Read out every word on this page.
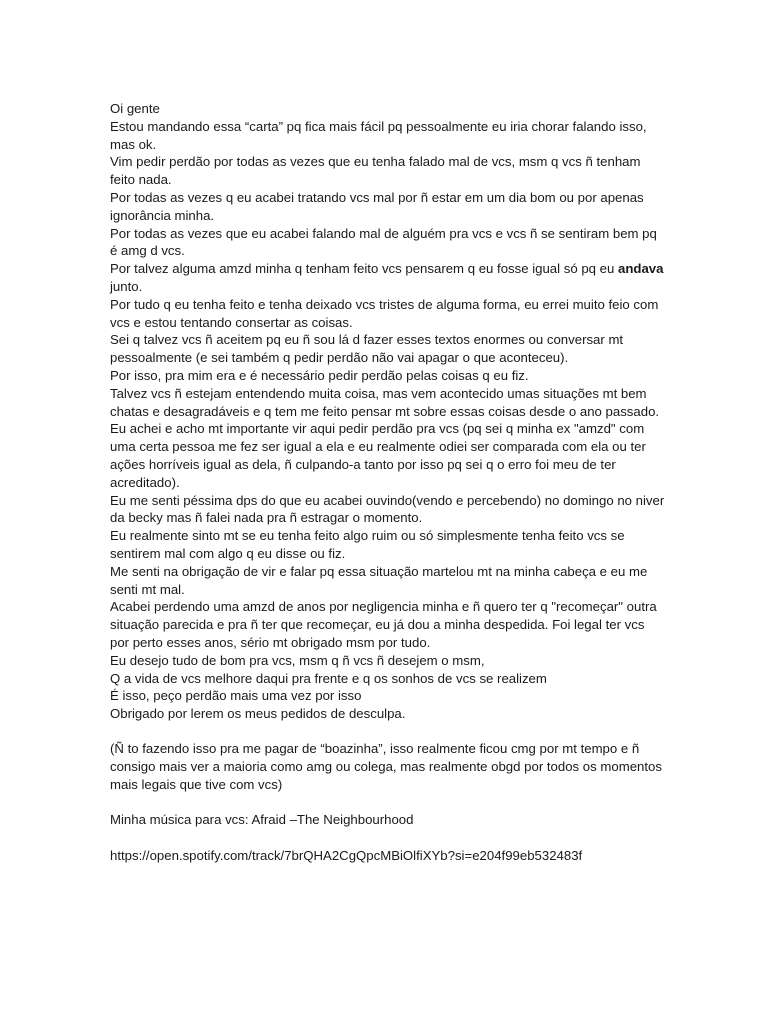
Oi gente

Estou mandando essa “carta” pq fica mais fácil pq pessoalmente eu iria chorar falando isso, mas ok.

Vim pedir perdão por todas as vezes que eu tenha falado mal de vcs, msm q vcs ñ tenham feito nada.

Por todas as vezes q eu acabei tratando vcs mal por ñ estar em um dia bom ou por apenas ignorância minha.

Por todas as vezes que eu acabei falando mal de alguém pra vcs e vcs ñ se sentiram bem pq é amg d vcs.

Por talvez alguma amzd minha q tenham feito vcs pensarem q eu fosse igual só pq eu andava junto.

Por tudo q eu tenha feito e tenha deixado vcs tristes de alguma forma, eu errei muito feio com vcs e estou tentando consertar as coisas.

Sei q talvez vcs ñ aceitem pq eu ñ sou lá d fazer esses textos enormes ou conversar mt pessoalmente (e sei também q pedir perdão não vai apagar o que aconteceu).

Por isso, pra mim era e é necessário pedir perdão pelas coisas q eu fiz.

Talvez vcs ñ estejam entendendo muita coisa, mas vem acontecido umas situações mt bem chatas e desagradáveis e q tem me feito pensar mt sobre essas coisas desde o ano passado.

Eu achei e acho mt importante vir aqui pedir perdão pra vcs (pq sei q minha ex "amzd" com uma certa pessoa me fez ser igual a ela e eu realmente odiei ser comparada com ela ou ter ações horríveis igual as dela, ñ culpando-a tanto por isso pq sei q o erro foi meu de ter acreditado).

Eu me senti péssima dps do que eu acabei ouvindo(vendo e percebendo) no domingo no niver da becky mas ñ falei nada pra ñ estragar o momento.

Eu realmente sinto mt se eu tenha feito algo ruim ou só simplesmente tenha feito vcs se sentirem mal com algo q eu disse ou fiz.

Me senti na obrigação de vir e falar pq essa situação martelou mt na minha cabeça e eu me senti mt mal.

Acabei perdendo uma amzd de anos por negligencia minha e ñ quero ter q "recomeçar" outra situação parecida e pra ñ ter que recomeçar, eu já dou a minha despedida. Foi legal ter vcs por perto esses anos, sério mt obrigado msm por tudo.

Eu desejo tudo de bom pra vcs, msm q ñ vcs ñ desejem o msm,

Q a vida de vcs melhore daqui pra frente e q os sonhos de vcs se realizem

É isso, peço perdão mais uma vez por isso

Obrigado por lerem os meus pedidos de desculpa.

(Ñ to fazendo isso pra me pagar de “boazinha”, isso realmente ficou cmg por mt tempo e ñ consigo mais ver a maioria como amg ou colega, mas realmente obgd por todos os momentos mais legais que tive com vcs)

Minha música para vcs: Afraid –The Neighbourhood

https://open.spotify.com/track/7brQHA2CgQpcMBiOlfiXYb?si=e204f99eb532483f
